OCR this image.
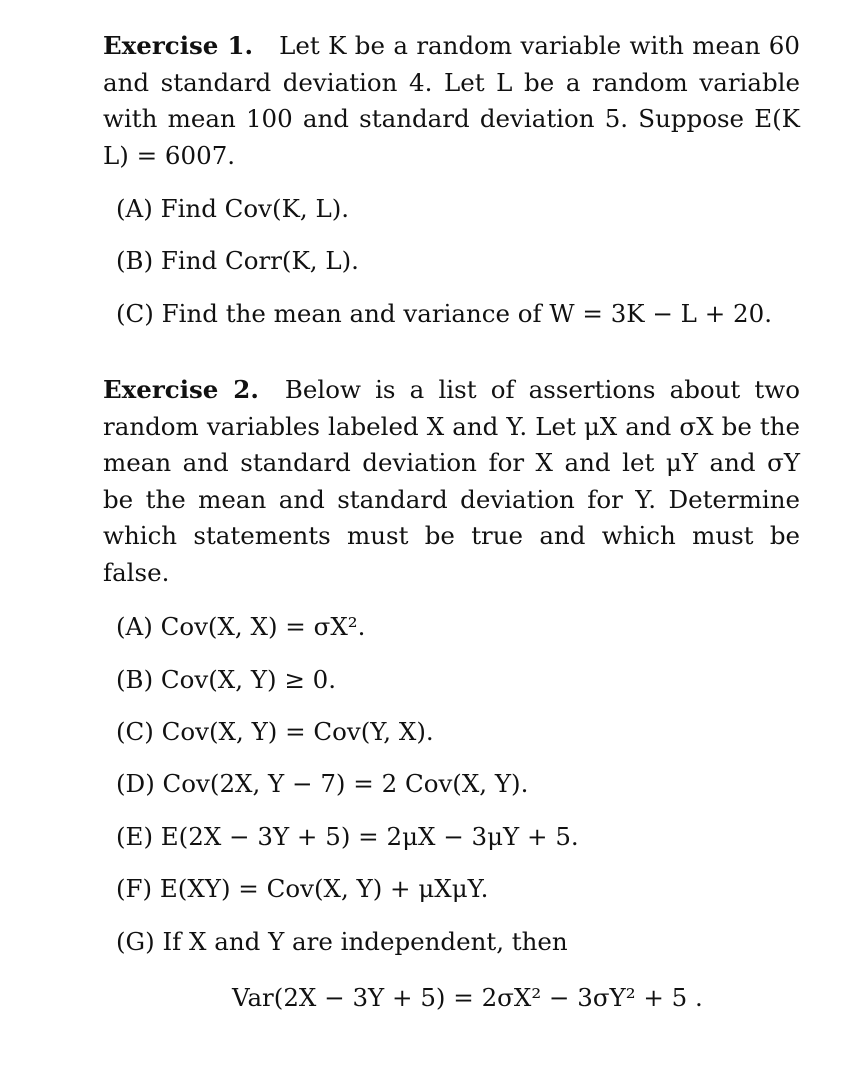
Exercise 1. Let K be a random variable with mean 60 and standard deviation 4. Let L be a random variable with mean 100 and standard deviation 5. Suppose E(K L) = 6007.

(A) Find Cov(K, L).

(B) Find Corr(K, L).

(C) Find the mean and variance of W = 3K − L + 20.

Exercise 2. Below is a list of assertions about two random variables labeled X and Y. Let μX and σX be the mean and standard deviation for X and let μY and σY be the mean and standard deviation for Y. Determine which statements must be true and which must be false.

(A) Cov(X, X) = σX².

(B) Cov(X, Y) ≥ 0.

(C) Cov(X, Y) = Cov(Y, X).

(D) Cov(2X, Y − 7) = 2 Cov(X, Y).

(E) E(2X − 3Y + 5) = 2μX − 3μY + 5.

(F) E(XY) = Cov(X, Y) + μXμY.

(G) If X and Y are independent, then

Var(2X − 3Y + 5) = 2σX² − 3σY² + 5 .
